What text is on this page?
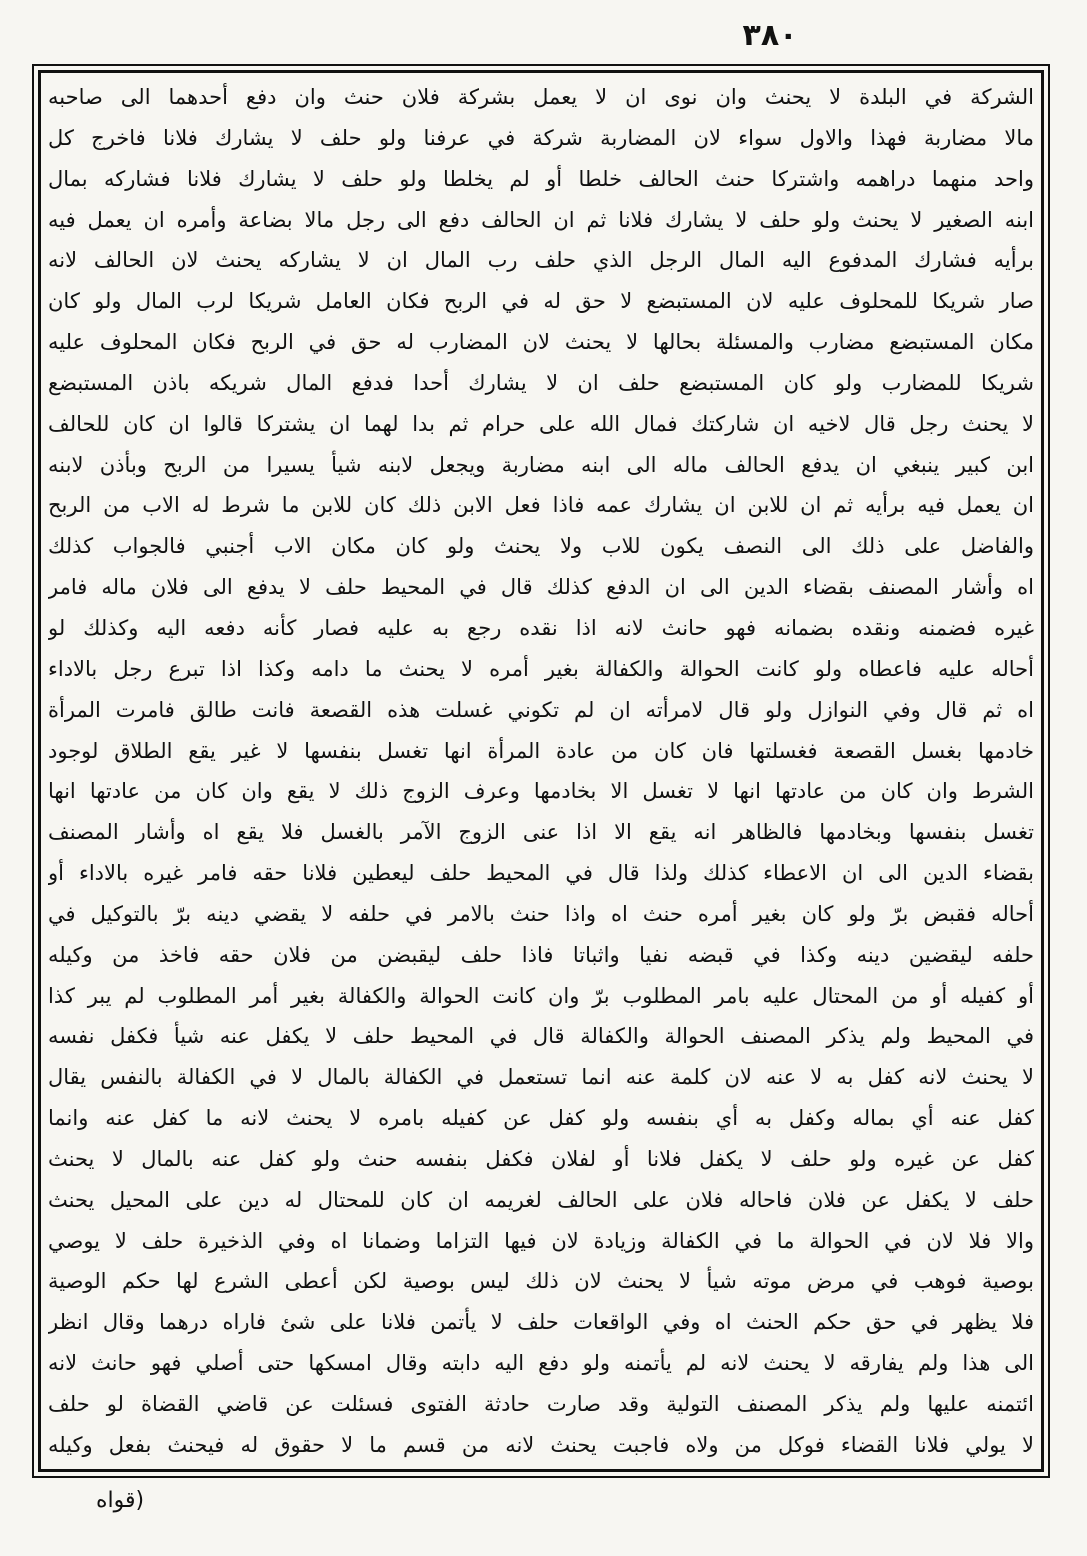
٣٨٠
الشركة في البلدة لا يحنث وان نوى ان لا يعمل بشركة فلان حنث وان دفع أحدهما الى صاحبه
مالا مضاربة فهذا والاول سواء لان المضاربة شركة في عرفنا ولو حلف لا يشارك فلانا فاخرج كل
واحد منهما دراهمه واشتركا حنث الحالف خلطا أو لم يخلطا ولو حلف لا يشارك فلانا فشاركه بمال
ابنه الصغير لا يحنث ولو حلف لا يشارك فلانا ثم ان الحالف دفع الى رجل مالا بضاعة وأمره ان يعمل فيه
برأيه فشارك المدفوع اليه المال الرجل الذي حلف رب المال ان لا يشاركه يحنث لان الحالف لانه
صار شريكا للمحلوف عليه لان المستبضع لا حق له في الربح فكان العامل شريكا لرب المال ولو كان
مكان المستبضع مضارب والمسئلة بحالها لا يحنث لان المضارب له حق في الربح فكان المحلوف عليه
شريكا للمضارب ولو كان المستبضع حلف ان لا يشارك أحدا فدفع المال شريكه باذن المستبضع
لا يحنث رجل قال لاخيه ان شاركتك فمال الله على حرام ثم بدا لهما ان يشتركا قالوا ان كان للحالف
ابن كبير ينبغي ان يدفع الحالف ماله الى ابنه مضاربة ويجعل لابنه شيأ يسيرا من الربح وبأذن لابنه
ان يعمل فيه برأيه ثم ان للابن ان يشارك عمه فاذا فعل الابن ذلك كان للابن ما شرط له الاب من الربح
والفاضل على ذلك الى النصف يكون للاب ولا يحنث ولو كان مكان الاب أجنبي فالجواب كذلك
اه وأشار المصنف بقضاء الدين الى ان الدفع كذلك قال في المحيط حلف لا يدفع الى فلان ماله فامر
غيره فضمنه ونقده بضمانه فهو حانث لانه اذا نقده رجع به عليه فصار كأنه دفعه اليه وكذلك لو
أحاله عليه فاعطاه ولو كانت الحوالة والكفالة بغير أمره لا يحنث ما دامه وكذا اذا تبرع رجل بالاداء
اه ثم قال وفي النوازل ولو قال لامرأته ان لم تكوني غسلت هذه القصعة فانت طالق فامرت المرأة
خادمها بغسل القصعة فغسلتها فان كان من عادة المرأة انها تغسل بنفسها لا غير يقع الطلاق لوجود
الشرط وان كان من عادتها انها لا تغسل الا بخادمها وعرف الزوج ذلك لا يقع وان كان من عادتها انها
تغسل بنفسها وبخادمها فالظاهر انه يقع الا اذا عنى الزوج الآمر بالغسل فلا يقع اه وأشار المصنف
بقضاء الدين الى ان الاعطاء كذلك ولذا قال في المحيط حلف ليعطين فلانا حقه فامر غيره بالاداء أو
أحاله فقبض برّ ولو كان بغير أمره حنث اه واذا حنث بالامر في حلفه لا يقضي دينه برّ بالتوكيل في
حلفه ليقضين دينه وكذا في قبضه نفيا واثباتا فاذا حلف ليقبضن من فلان حقه فاخذ من وكيله
أو كفيله أو من المحتال عليه بامر المطلوب برّ وان كانت الحوالة والكفالة بغير أمر المطلوب لم يبر كذا
في المحيط ولم يذكر المصنف الحوالة والكفالة قال في المحيط حلف لا يكفل عنه شيأ فكفل نفسه
لا يحنث لانه كفل به لا عنه لان كلمة عنه انما تستعمل في الكفالة بالمال لا في الكفالة بالنفس يقال
كفل عنه أي بماله وكفل به أي بنفسه ولو كفل عن كفيله بامره لا يحنث لانه ما كفل عنه وانما
كفل عن غيره ولو حلف لا يكفل فلانا أو لفلان فكفل بنفسه حنث ولو كفل عنه بالمال لا يحنث
حلف لا يكفل عن فلان فاحاله فلان على الحالف لغريمه ان كان للمحتال له دين على المحيل يحنث
والا فلا لان في الحوالة ما في الكفالة وزيادة لان فيها التزاما وضمانا اه وفي الذخيرة حلف لا يوصي
بوصية فوهب في مرض موته شيأ لا يحنث لان ذلك ليس بوصية لكن أعطى الشرع لها حكم الوصية
فلا يظهر في حق حكم الحنث اه وفي الواقعات حلف لا يأتمن فلانا على شئ فاراه درهما وقال انظر
الى هذا ولم يفارقه لا يحنث لانه لم يأتمنه ولو دفع اليه دابته وقال امسكها حتى أصلي فهو حانث لانه
ائتمنه عليها ولم يذكر المصنف التولية وقد صارت حادثة الفتوى فسئلت عن قاضي القضاة لو حلف
لا يولي فلانا القضاء فوكل من ولاه فاجبت يحنث لانه من قسم ما لا حقوق له فيحنث بفعل وكيله
(قواه
